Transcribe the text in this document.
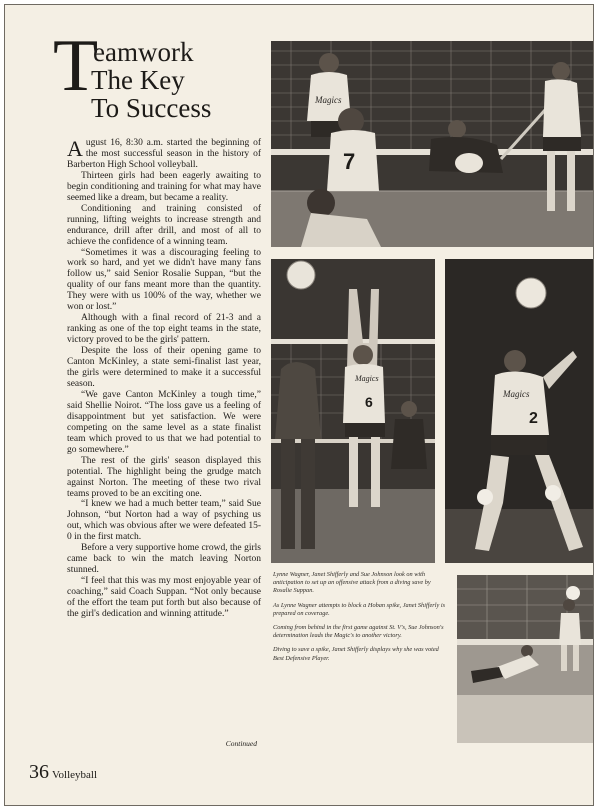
T
eamwork
The Key
To Success

August 16, 8:30 a.m. started the beginning of the most successful season in the history of Barberton High School volleyball.

Thirteen girls had been eagerly awaiting to begin conditioning and training for what may have seemed like a dream, but became a reality.

Conditioning and training consisted of running, lifting weights to increase strength and endurance, drill after drill, and most of all to achieve the confidence of a winning team.

“Sometimes it was a discouraging feeling to work so hard, and yet we didn't have many fans follow us,” said Senior Rosalie Suppan, “but the quality of our fans meant more than the quantity. They were with us 100% of the way, whether we won or lost.”

Although with a final record of 21-3 and a ranking as one of the top eight teams in the state, victory proved to be the girls' pattern.

Despite the loss of their opening game to Canton McKinley, a state semi-finalist last year, the girls were determined to make it a successful season.

“We gave Canton McKinley a tough time,” said Shellie Noirot. “The loss gave us a feeling of disappointment but yet satisfaction. We were competing on the same level as a state finalist team which proved to us that we had potential to go somewhere.”

The rest of the girls' season displayed this potential. The highlight being the grudge match against Norton. The meeting of these two rival teams proved to be an exciting one.

“I knew we had a much better team,” said Sue Johnson, “but Norton had a way of psyching us out, which was obvious after we were defeated 15-0 in the first match.

Before a very supportive home crowd, the girls came back to win the match leaving Norton stunned.

“I feel that this was my most enjoyable year of coaching,” said Coach Suppan. “Not only because of the effort the team put forth but also because of the girl's dedication and winning attitude.”

Continued
7
Magics
Magics
6	Magics
2

Lynne Wagner, Janet Shifferly and Sue Johnson look on with anticipation to set up an offensive attack from a diving save by Rosalie Suppan.

As Lynne Wagner attempts to block a Hoban spike, Janet Shifferly is prepared on coverage.

Coming from behind in the first game against St. V's, Sue Johnson's determination leads the Magic's to another victory.

Diving to save a spike, Janet Shifferly displays why she was voted Best Defensive Player.

36 Volleyball
